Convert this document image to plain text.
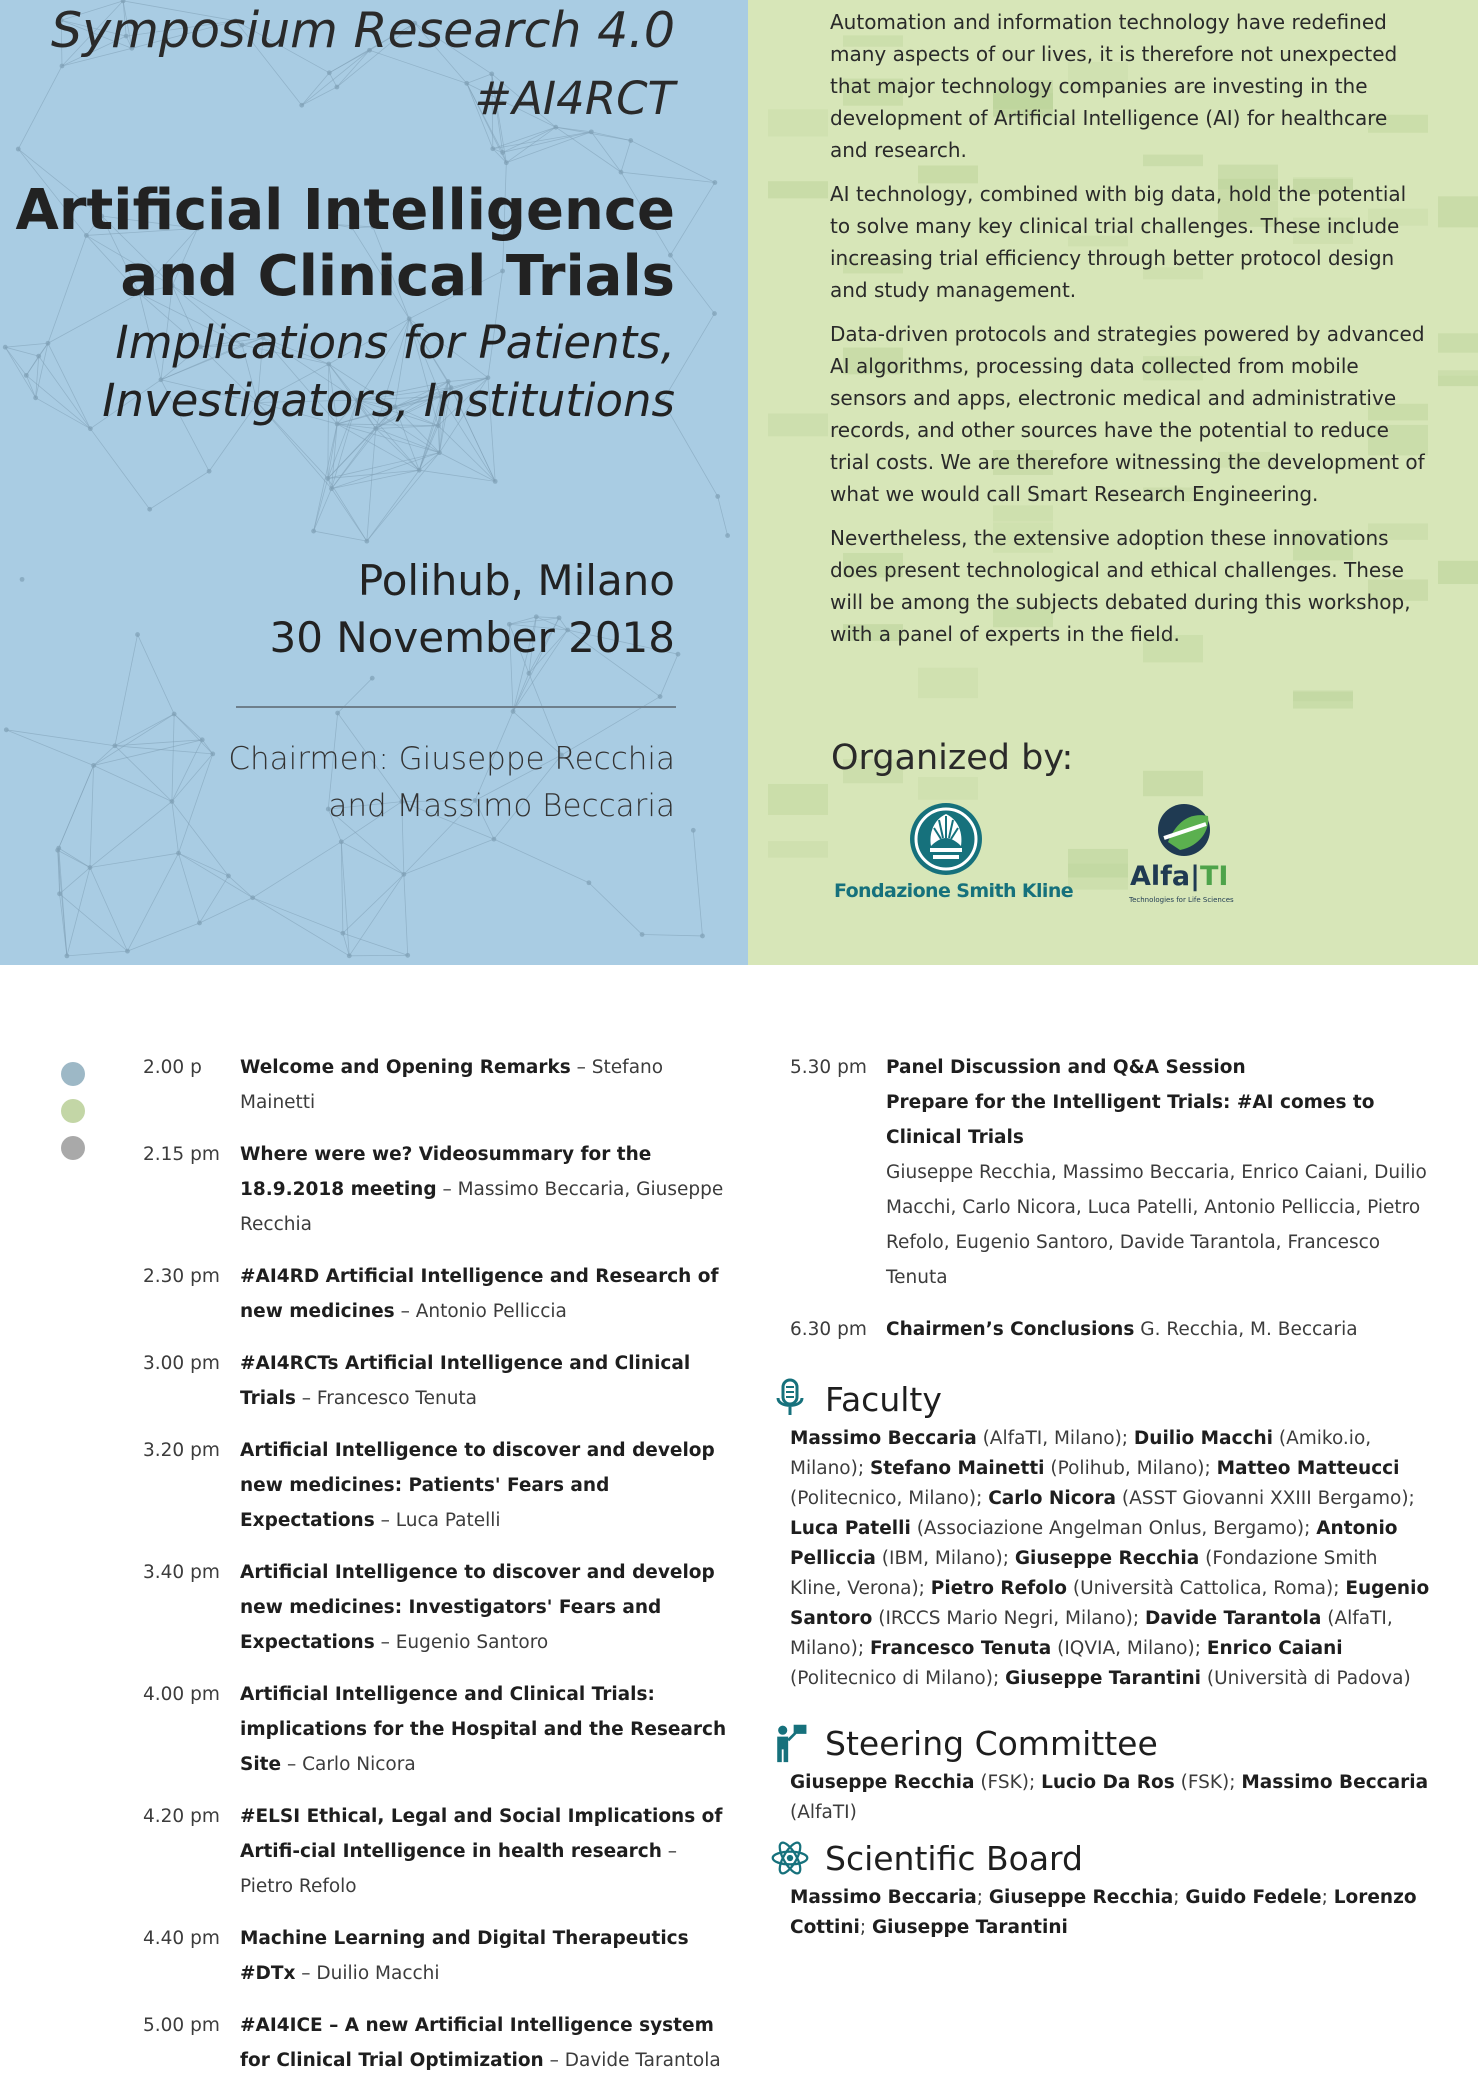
Symposium Research 4.0
#AI4RCT
Artificial Intelligence
and Clinical Trials
Implications for Patients,
Investigators, Institutions
Polihub, Milano
30 November 2018
Chairmen: Giuseppe Recchia
and Massimo Beccaria

Automation and information technology have redefined many aspects of our lives, it is therefore not unexpected that major technology companies are investing in the development of Artificial Intelligence (AI) for healthcare and research.

AI technology, combined with big data, hold the potential to solve many key clinical trial challenges. These include increasing trial efficiency through better protocol design and study management.

Data-driven protocols and strategies powered by advanced AI algorithms, processing data collected from mobile sensors and apps, electronic medical and administrative records, and other sources have the potential to reduce trial costs. We are therefore witnessing the development of what we would call Smart Research Engineering.

Nevertheless, the extensive adoption these innovations does present technological and ethical challenges. These will be among the subjects debated during this workshop, with a panel of experts in the field.

Organized by:
Fondazione Smith Kline Alfa|TI
Technologies for Life Sciences
2.00 p	Welcome and Opening Remarks – Stefano Mainetti
2.15 pm	Where were we? Videosummary for the 18.9.2018 meeting – Massimo Beccaria, Giuseppe Recchia
2.30 pm	#AI4RD Artificial Intelligence and Research of new medicines – Antonio Pelliccia
3.00 pm	#AI4RCTs Artificial Intelligence and Clinical Trials – Francesco Tenuta
3.20 pm	Artificial Intelligence to discover and develop new medicines: Patients' Fears and Expectations – Luca Patelli
3.40 pm	Artificial Intelligence to discover and develop new medicines: Investigators' Fears and Expectations – Eugenio Santoro
4.00 pm	Artificial Intelligence and Clinical Trials: implications for the Hospital and the Research Site – Carlo Nicora
4.20 pm	#ELSI Ethical, Legal and Social Implications of Artifi-cial Intelligence in health research – Pietro Refolo
4.40 pm	Machine Learning and Digital Therapeutics #DTx – Duilio Macchi
5.00 pm	#AI4ICE – A new Artificial Intelligence system for Clinical Trial Optimization – Davide Tarantola
5.30 pm	Panel Discussion and Q&A Session
Prepare for the Intelligent Trials: #AI comes to Clinical Trials
Giuseppe Recchia, Massimo Beccaria, Enrico Caiani, Duilio Macchi, Carlo Nicora, Luca Patelli, Antonio Pelliccia, Pietro Refolo, Eugenio Santoro, Davide Tarantola, Francesco Tenuta
6.30 pm	Chairmen’s Conclusions G. Recchia, M. Beccaria
Faculty
Massimo Beccaria (AlfaTI, Milano); Duilio Macchi (Amiko.io, Milano); Stefano Mainetti (Polihub, Milano); Matteo Matteucci (Politecnico, Milano); Carlo Nicora (ASST Giovanni XXIII Bergamo); Luca Patelli (Associazione Angelman Onlus, Bergamo); Antonio Pelliccia (IBM, Milano); Giuseppe Recchia (Fondazione Smith Kline, Verona); Pietro Refolo (Università Cattolica, Roma); Eugenio Santoro (IRCCS Mario Negri, Milano); Davide Tarantola (AlfaTI, Milano); Francesco Tenuta (IQVIA, Milano); Enrico Caiani (Politecnico di Milano); Giuseppe Tarantini (Università di Padova)
Steering Committee
Giuseppe Recchia (FSK); Lucio Da Ros (FSK); Massimo Beccaria (AlfaTI)
Scientific Board
Massimo Beccaria; Giuseppe Recchia; Guido Fedele; Lorenzo Cottini; Giuseppe Tarantini
